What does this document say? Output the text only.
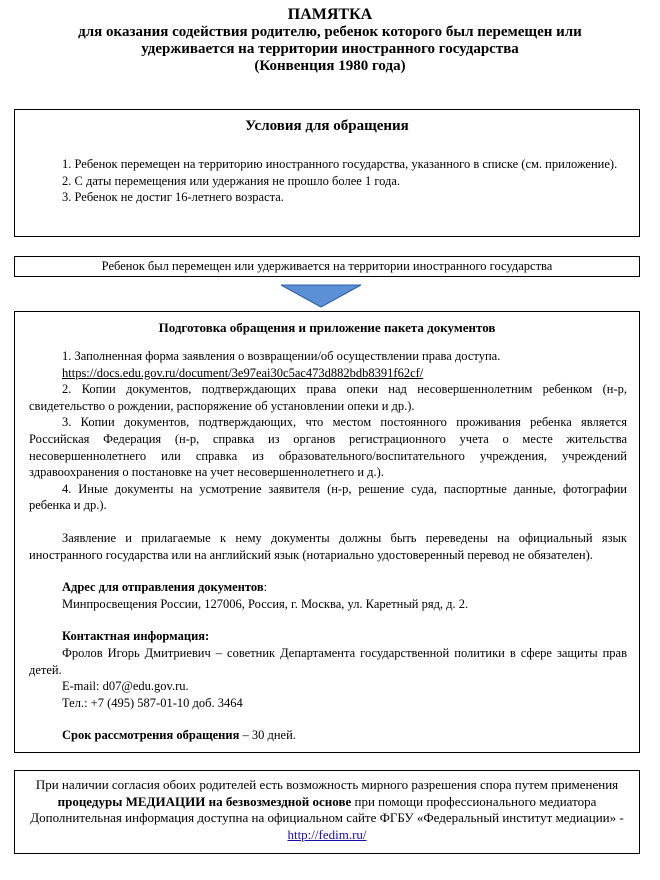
ПАМЯТКА
для оказания содействия родителю, ребенок которого был перемещен или
удерживается на территории иностранного государства
(Конвенция 1980 года)
Условия для обращения

1. Ребенок перемещен на территорию иностранного государства, указанного в списке (см. приложение).

2. С даты перемещения или удержания не прошло более 1 года.

3. Ребенок не достиг 16-летнего возраста.

Ребенок был перемещен или удерживается на территории иностранного государства
Подготовка обращения и приложение пакета документов

1. Заполненная форма заявления о возвращении/об осуществлении права доступа.

https://docs.edu.gov.ru/document/3e97eai30c5ac473d882bdb8391f62cf/

2. Копии документов, подтверждающих права опеки над несовершеннолетним ребенком (н-р, свидетельство о рождении, распоряжение об установлении опеки и др.).

3. Копии документов, подтверждающих, что местом постоянного проживания ребенка является Российская Федерация (н-р, справка из органов регистрационного учета о месте жительства несовершеннолетнего или справка из образовательного/воспитательного учреждения, учреждений здравоохранения о постановке на учет несовершеннолетнего и д.).

4. Иные документы на усмотрение заявителя (н-р, решение суда, паспортные данные, фотографии ребенка и др.).

Заявление и прилагаемые к нему документы должны быть переведены на официальный язык иностранного государства или на английский язык (нотариально удостоверенный перевод не обязателен).

Адрес для отправления документов:

Минпросвещения России, 127006, Россия, г. Москва, ул. Каретный ряд, д. 2.

Контактная информация:

Фролов Игорь Дмитриевич – советник Департамента государственной политики в сфере защиты прав детей.

E-mail: d07@edu.gov.ru.

Тел.: +7 (495) 587-01-10 доб. 3464

Срок рассмотрения обращения – 30 дней.

При наличии согласия обоих родителей есть возможность мирного разрешения спора путем применения процедуры МЕДИАЦИИ на безвозмездной основе при помощи профессионального медиатора Дополнительная информация доступна на официальном сайте ФГБУ «Федеральный институт медиации» - http://fedim.ru/
